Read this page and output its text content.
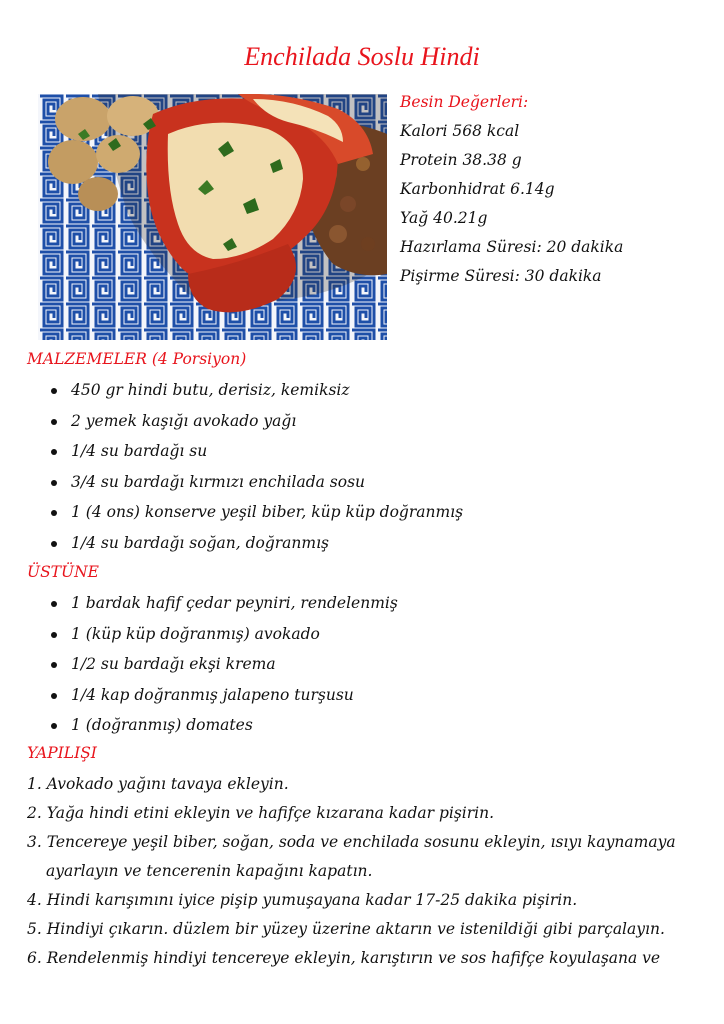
Enchilada Soslu Hindi
Besin Değerleri:
Kalori 568 kcal
Protein 38.38 g
Karbonhidrat 6.14g
Yağ 40.21g
Hazırlama Süresi: 20 dakika
Pişirme Süresi: 30 dakika
MALZEMELER (4 Porsiyon)
450 gr hindi butu, derisiz, kemiksiz
2 yemek kaşığı avokado yağı
1/4 su bardağı su
3/4 su bardağı kırmızı enchilada sosu
1 (4 ons) konserve yeşil biber, küp küp doğranmış
1/4 su bardağı soğan, doğranmış
ÜSTÜNE
1 bardak hafif çedar peyniri, rendelenmiş
1 (küp küp doğranmış) avokado
1/2 su bardağı ekşi krema
1/4 kap doğranmış jalapeno turşusu
1 (doğranmış) domates
YAPILIŞI
1. Avokado yağını tavaya ekleyin.
2. Yağa hindi etini ekleyin ve hafifçe kızarana kadar pişirin.
3. Tencereye yeşil biber, soğan, soda ve enchilada sosunu ekleyin, ısıyı kaynamaya
ayarlayın ve tencerenin kapağını kapatın.
4. Hindi karışımını iyice pişip yumuşayana kadar 17-25 dakika pişirin.
5. Hindiyi çıkarın. düzlem bir yüzey üzerine aktarın ve istenildiği gibi parçalayın.
6. Rendelenmiş hindiyi tencereye ekleyin, karıştırın ve sos hafifçe koyulaşana ve
